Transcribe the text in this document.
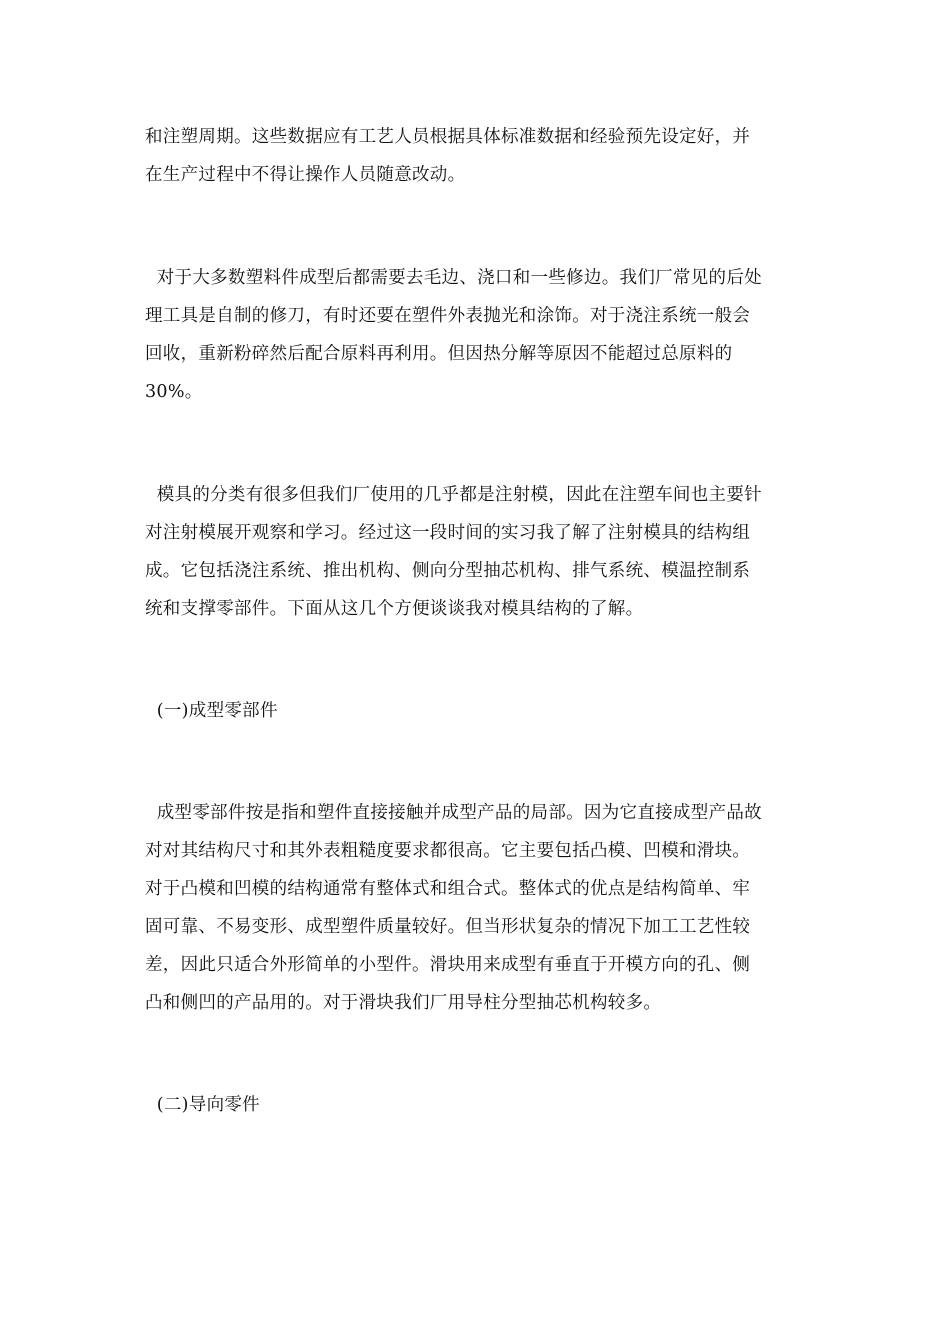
和注塑周期。这些数据应有工艺人员根据具体标准数据和经验预先设定好，并
在生产过程中不得让操作人员随意改动。
对于大多数塑料件成型后都需要去毛边、浇口和一些修边。我们厂常见的后处
理工具是自制的修刀，有时还要在塑件外表抛光和涂饰。对于浇注系统一般会
回收，重新粉碎然后配合原料再利用。但因热分解等原因不能超过总原料的
30%。
模具的分类有很多但我们厂使用的几乎都是注射模，因此在注塑车间也主要针
对注射模展开观察和学习。经过这一段时间的实习我了解了注射模具的结构组
成。它包括浇注系统、推出机构、侧向分型抽芯机构、排气系统、模温控制系
统和支撑零部件。下面从这几个方便谈谈我对模具结构的了解。
(一)成型零部件
成型零部件按是指和塑件直接接触并成型产品的局部。因为它直接成型产品故
对对其结构尺寸和其外表粗糙度要求都很高。它主要包括凸模、凹模和滑块。
对于凸模和凹模的结构通常有整体式和组合式。整体式的优点是结构简单、牢
固可靠、不易变形、成型塑件质量较好。但当形状复杂的情况下加工工艺性较
差，因此只适合外形简单的小型件。滑块用来成型有垂直于开模方向的孔、侧
凸和侧凹的产品用的。对于滑块我们厂用导柱分型抽芯机构较多。
(二)导向零件
